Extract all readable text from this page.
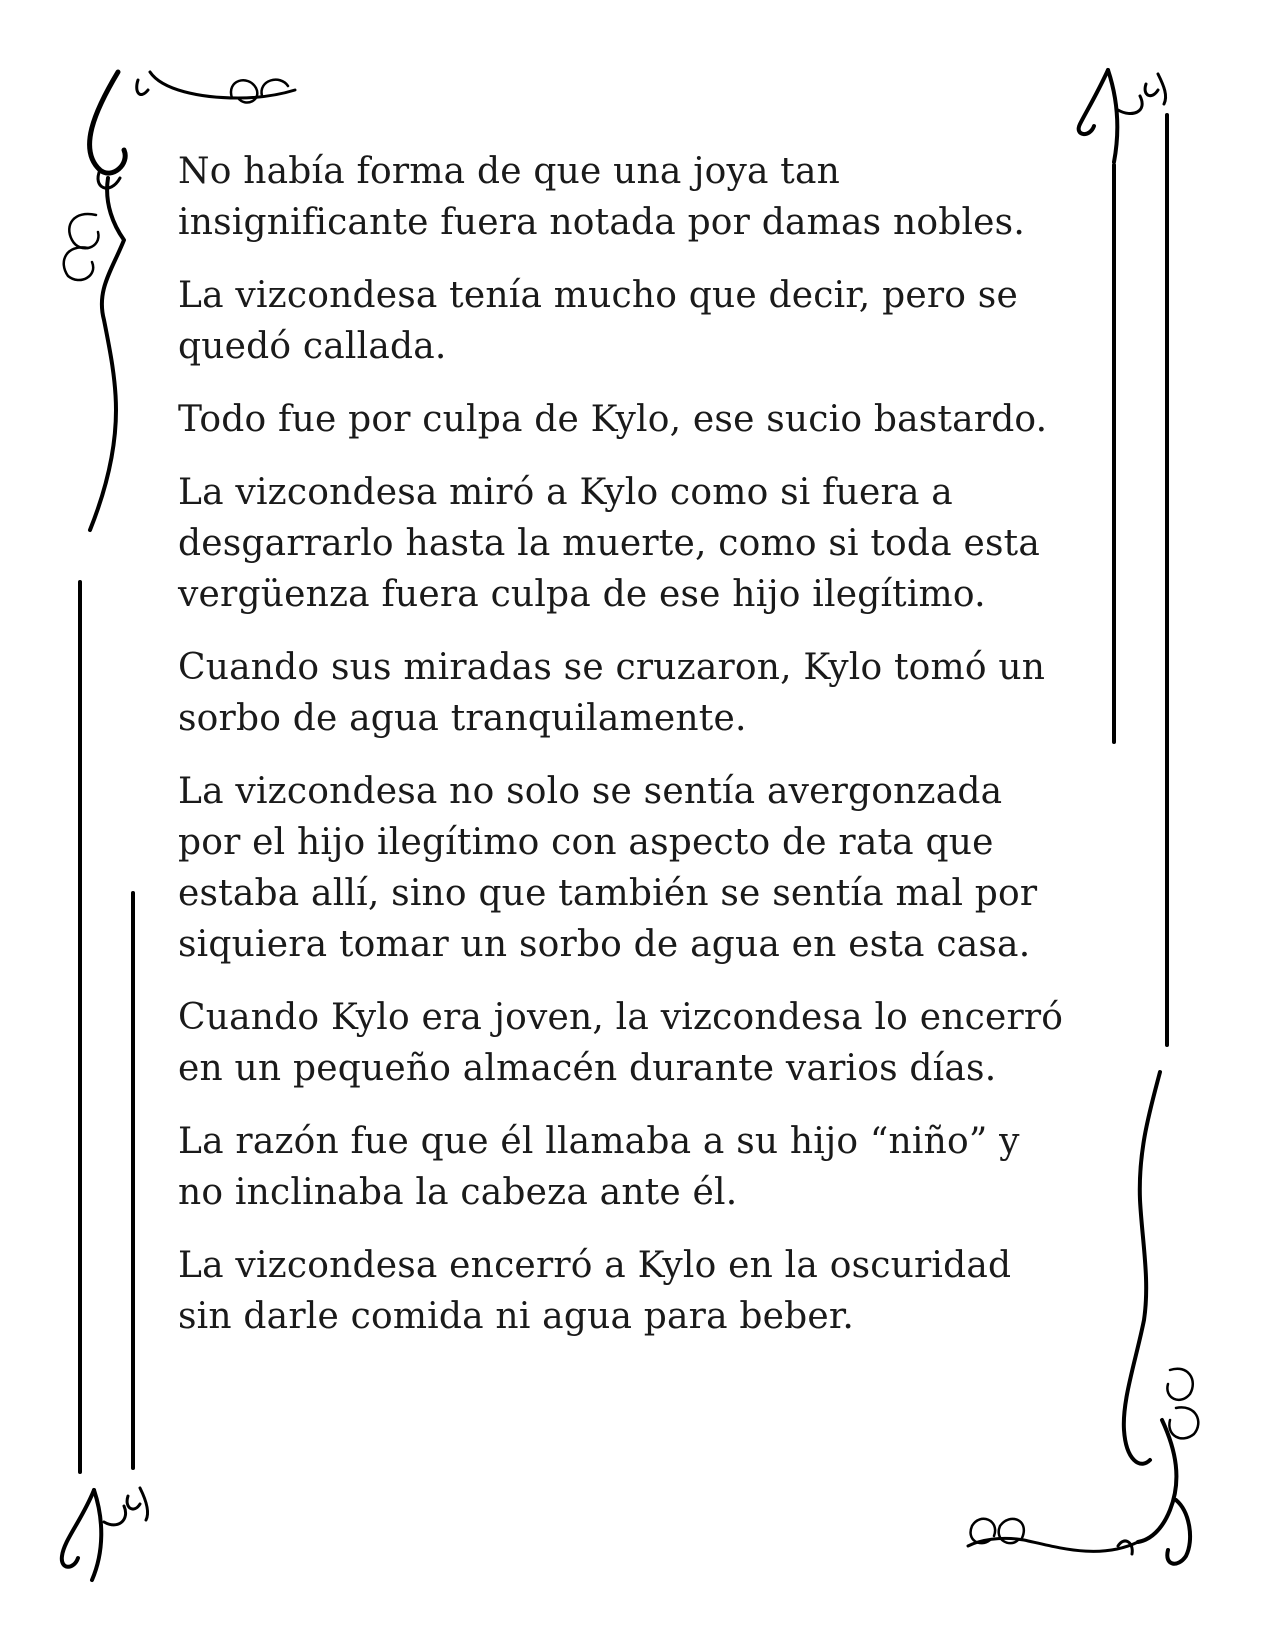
No había forma de que una joya tan
insignificante fuera notada por damas nobles.

La vizcondesa tenía mucho que decir, pero se
quedó callada.

Todo fue por culpa de Kylo, ese sucio bastardo.

La vizcondesa miró a Kylo como si fuera a
desgarrarlo hasta la muerte, como si toda esta
vergüenza fuera culpa de ese hijo ilegítimo.

Cuando sus miradas se cruzaron, Kylo tomó un
sorbo de agua tranquilamente.

La vizcondesa no solo se sentía avergonzada
por el hijo ilegítimo con aspecto de rata que
estaba allí, sino que también se sentía mal por
siquiera tomar un sorbo de agua en esta casa.

Cuando Kylo era joven, la vizcondesa lo encerró
en un pequeño almacén durante varios días.

La razón fue que él llamaba a su hijo “niño” y
no inclinaba la cabeza ante él.

La vizcondesa encerró a Kylo en la oscuridad
sin darle comida ni agua para beber.
